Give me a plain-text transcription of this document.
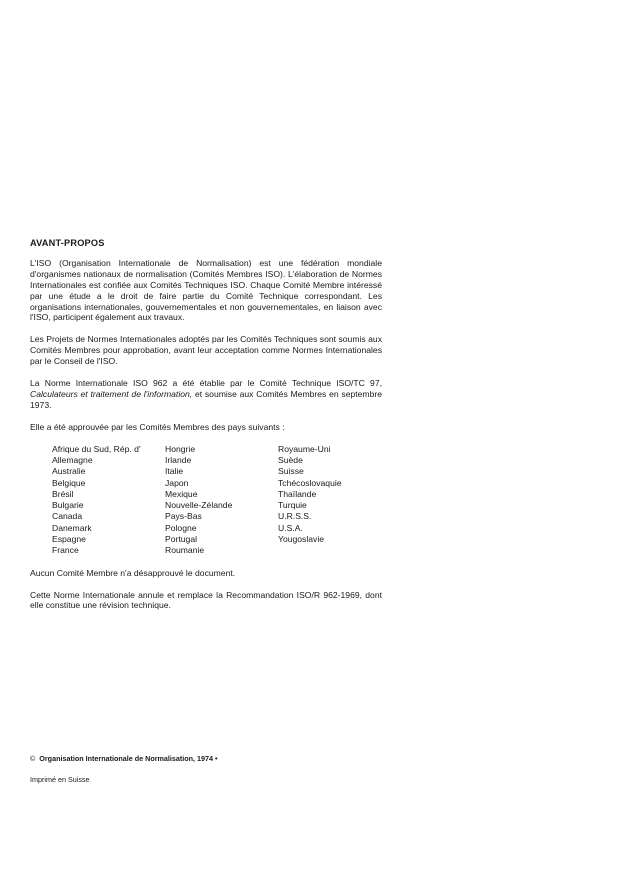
AVANT-PROPOS

L'ISO (Organisation Internationale de Normalisation) est une fédération mondiale d'organismes nationaux de normalisation (Comités Membres ISO). L'élaboration de Normes Internationales est confiée aux Comités Techniques ISO. Chaque Comité Membre intéressé par une étude a le droit de faire partie du Comité Technique correspondant. Les organisations internationales, gouvernementales et non gouvernementales, en liaison avec l'ISO, participent également aux travaux.

Les Projets de Normes Internationales adoptés par les Comités Techniques sont soumis aux Comités Membres pour approbation, avant leur acceptation comme Normes Internationales par le Conseil de l'ISO.

La Norme Internationale ISO 962 a été établie par le Comité Technique ISO/TC 97, Calculateurs et traitement de l'information, et soumise aux Comités Membres en septembre 1973.

Elle a été approuvée par les Comités Membres des pays suivants :

Afrique du Sud, Rép. d'
Allemagne
Australie
Belgique
Brésil
Bulgarie
Canada
Danemark
Espagne
France
Hongrie
Irlande
Italie
Japon
Mexique
Nouvelle-Zélande
Pays-Bas
Pologne
Portugal
Roumanie
Royaume-Uni
Suède
Suisse
Tchécoslovaquie
Thaïlande
Turquie
U.R.S.S.
U.S.A.
Yougoslavie

Aucun Comité Membre n'a désapprouvé le document.

Cette Norme Internationale annule et remplace la Recommandation ISO/R 962-1969, dont elle constitue une révision technique.

© Organisation Internationale de Normalisation, 1974 •
Imprimé en Suisse
